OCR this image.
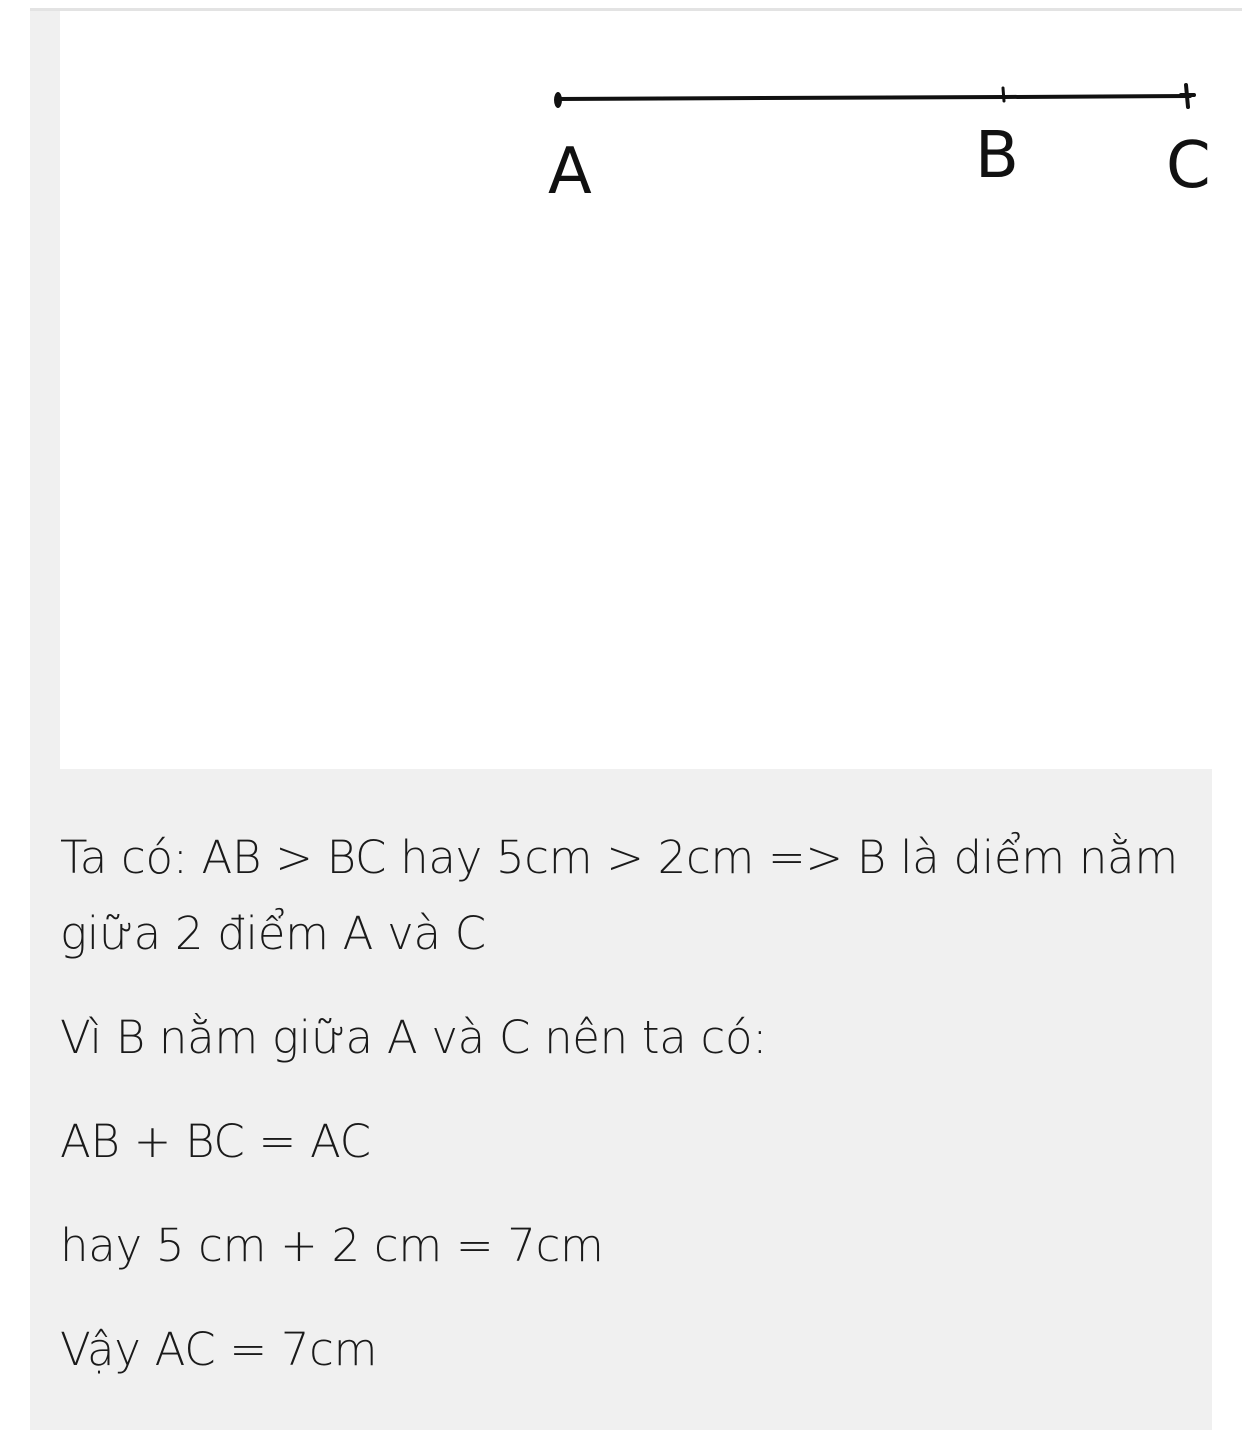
A	B C
Ta có: AB > BC hay 5cm > 2cm => B là diểm nằm giữa 2 điểm A và C
Vì B nằm giữa A và C nên ta có:
AB + BC = AC
hay 5 cm + 2 cm = 7cm
Vậy AC = 7cm
